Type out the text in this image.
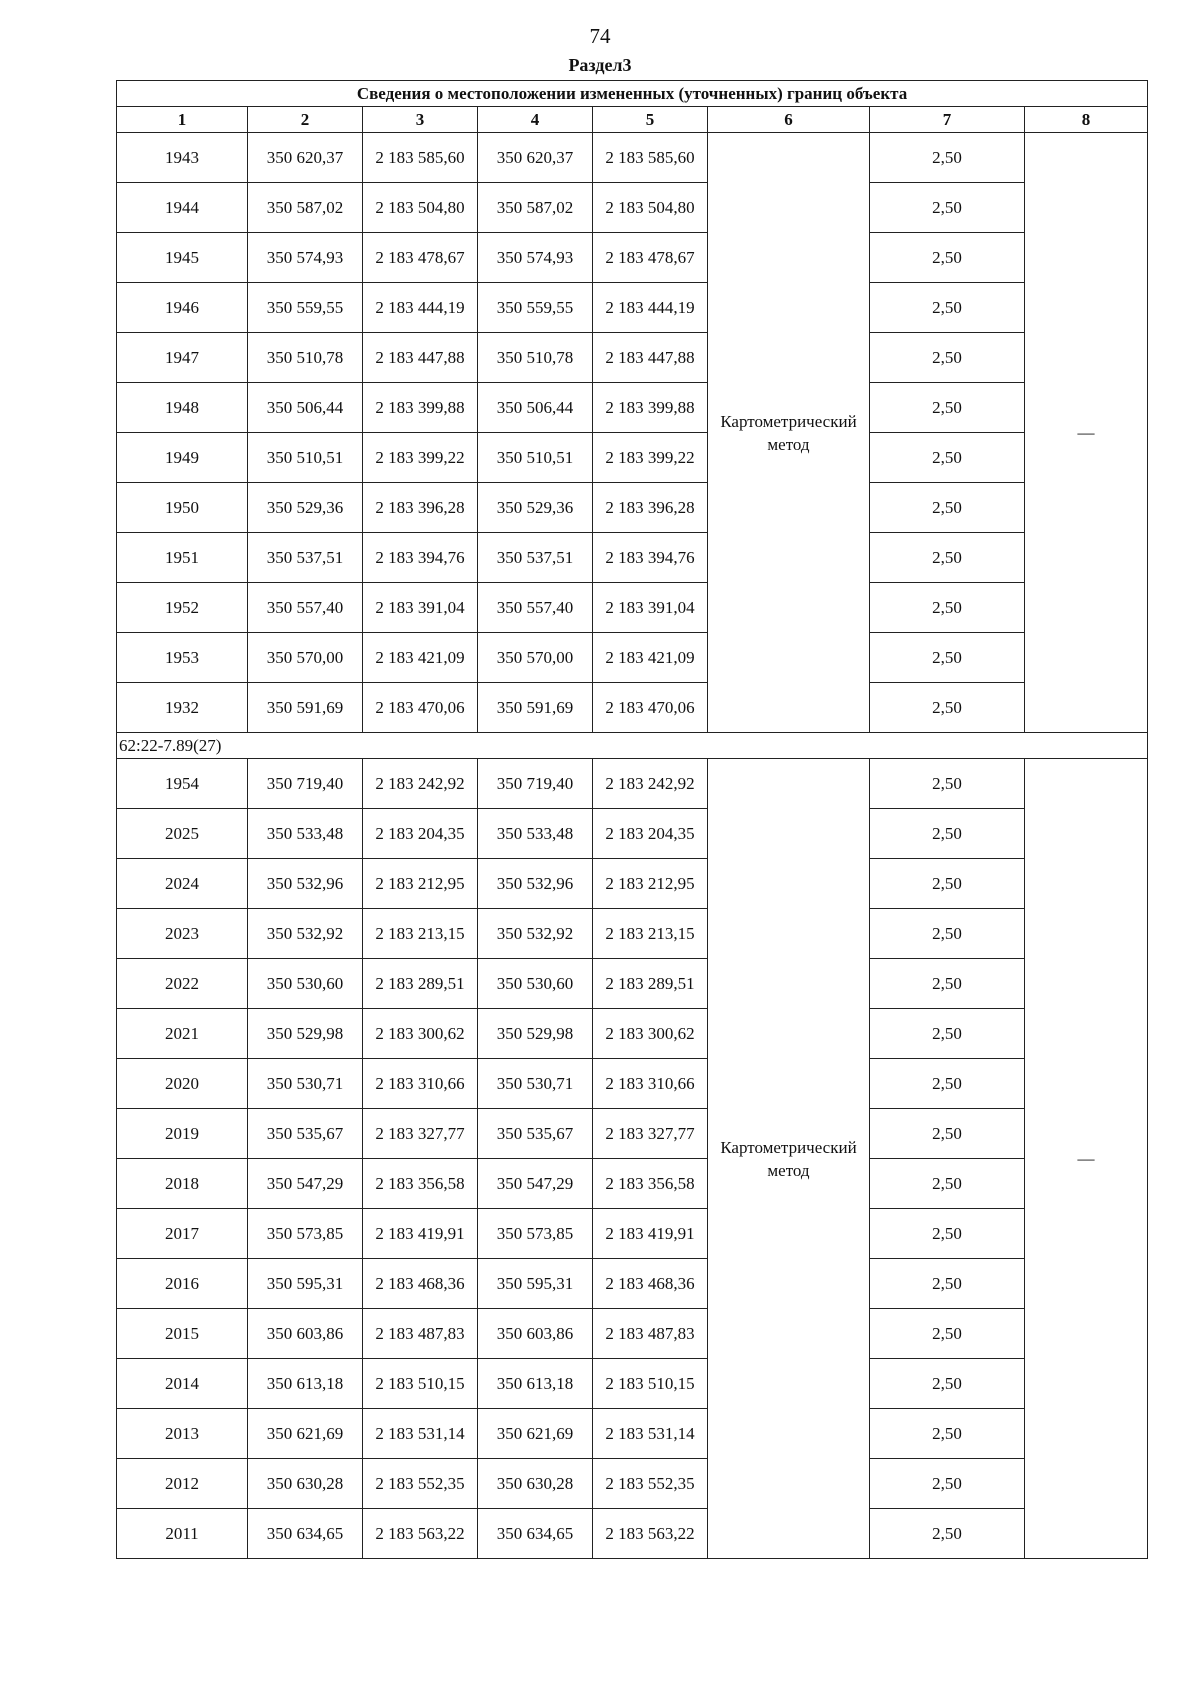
74
Раздел3
Сведения о местоположении измененных (уточненных) границ объекта							
1	2	3	4	5	6	7	8
1943	350 620,37	2 183 585,60	350 620,37	2 183 585,60	Картометрический метод	2,50	—
1944	350 587,02	2 183 504,80	350 587,02	2 183 504,80		2,50	
1945	350 574,93	2 183 478,67	350 574,93	2 183 478,67		2,50	
1946	350 559,55	2 183 444,19	350 559,55	2 183 444,19		2,50	
1947	350 510,78	2 183 447,88	350 510,78	2 183 447,88		2,50	
1948	350 506,44	2 183 399,88	350 506,44	2 183 399,88		2,50	
1949	350 510,51	2 183 399,22	350 510,51	2 183 399,22		2,50	
1950	350 529,36	2 183 396,28	350 529,36	2 183 396,28		2,50	
1951	350 537,51	2 183 394,76	350 537,51	2 183 394,76		2,50	
1952	350 557,40	2 183 391,04	350 557,40	2 183 391,04		2,50	
1953	350 570,00	2 183 421,09	350 570,00	2 183 421,09		2,50	
1932	350 591,69	2 183 470,06	350 591,69	2 183 470,06		2,50	
62:22-7.89(27)							
1954	350 719,40	2 183 242,92	350 719,40	2 183 242,92	Картометрический метод	2,50	—
2025	350 533,48	2 183 204,35	350 533,48	2 183 204,35		2,50	
2024	350 532,96	2 183 212,95	350 532,96	2 183 212,95		2,50	
2023	350 532,92	2 183 213,15	350 532,92	2 183 213,15		2,50	
2022	350 530,60	2 183 289,51	350 530,60	2 183 289,51		2,50	
2021	350 529,98	2 183 300,62	350 529,98	2 183 300,62		2,50	
2020	350 530,71	2 183 310,66	350 530,71	2 183 310,66		2,50	
2019	350 535,67	2 183 327,77	350 535,67	2 183 327,77		2,50	
2018	350 547,29	2 183 356,58	350 547,29	2 183 356,58		2,50	
2017	350 573,85	2 183 419,91	350 573,85	2 183 419,91		2,50	
2016	350 595,31	2 183 468,36	350 595,31	2 183 468,36		2,50	
2015	350 603,86	2 183 487,83	350 603,86	2 183 487,83		2,50	
2014	350 613,18	2 183 510,15	350 613,18	2 183 510,15		2,50	
2013	350 621,69	2 183 531,14	350 621,69	2 183 531,14		2,50	
2012	350 630,28	2 183 552,35	350 630,28	2 183 552,35		2,50	
2011	350 634,65	2 183 563,22	350 634,65	2 183 563,22		2,50	
